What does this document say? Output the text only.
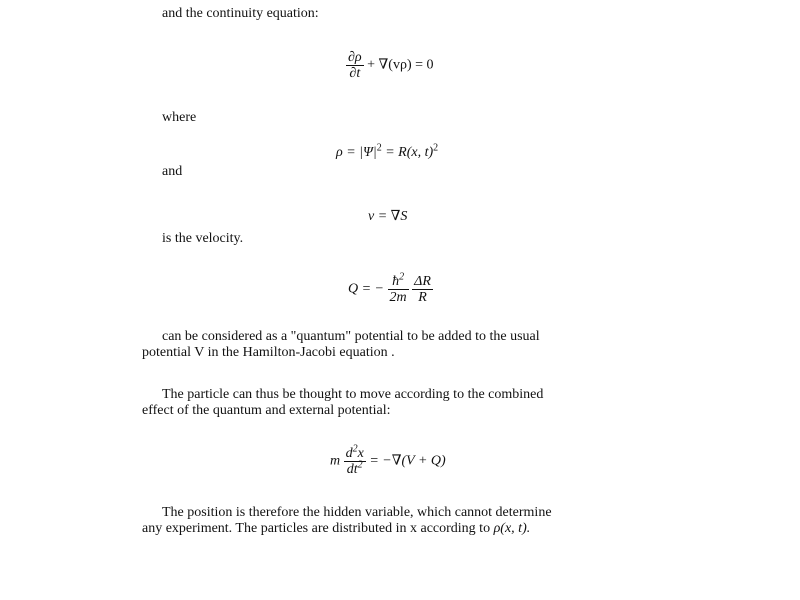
and the continuity equation:
$\frac{\partial\rho}{\partial t} + \nabla(v\rho) = 0$
where
$\rho = |\Psi|^2 = R(x$, t)$^2$
and
v = ∇S
is the velocity.
Q = − $\frac{ħ^2}{2m}$
$\frac{\Delta R}{R}$
can be considered as a "quantum" potential to be added to the usual
potential V in the Hamilton-Jacobi equation .
The particle can thus be thought to move according to the combined
effect of the quantum and external potential:
m $\frac{d^2x}{dt^2} = -\nabla(V + Q)$
The position is therefore the hidden variable, which cannot determine
any experiment. The particles are distributed in x according to ρ(x, t).
